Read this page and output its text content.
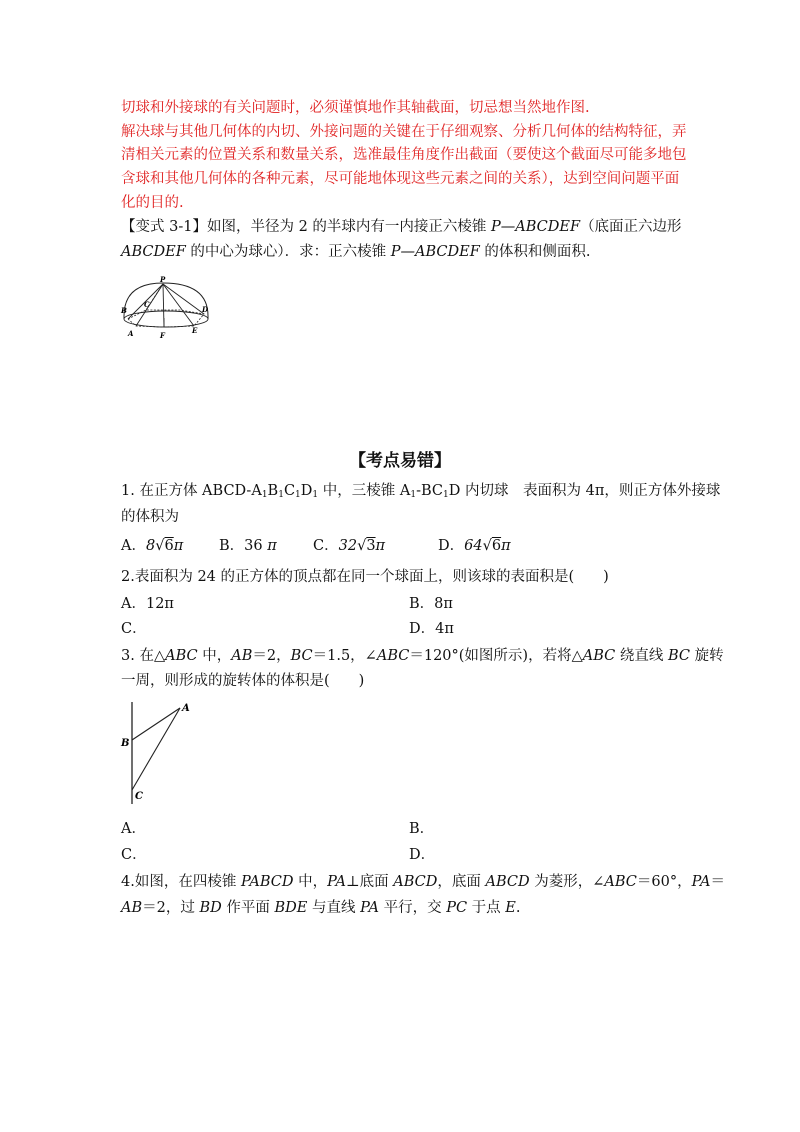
切球和外接球的有关问题时，必须谨慎地作其轴截面，切忌想当然地作图.
解决球与其他几何体的内切、外接问题的关键在于仔细观察、分析几何体的结构特征，弄
清相关元素的位置关系和数量关系，选准最佳角度作出截面（要使这个截面尽可能多地包
含球和其他几何体的各种元素，尽可能地体现这些元素之间的关系），达到空间问题平面
化的目的.
【变式 3-1】如图，半径为 2 的半球内有一内接正六棱锥 P—ABCDEF（底面正六边形
ABCDEF 的中心为球心）．求：正六棱锥 P—ABCDEF 的体积和侧面积.
P
C
B	D
A	F
E
【考点易错】
1. 在正方体 ABCD-$A_1B_1C_1D_1$ 中，三棱锥 $A_1-BC_1D$ 内切球　表面积为 4π，则正方体外接球
的体积为
A．8√6π B．36 π	C．32√3π	D．64√6π
2.表面积为 24 的正方体的顶点都在同一个球面上，则该球的表面积是(　　)
A．12π	B．8π
C．	D．4π
3. 在△ABC 中，AB＝2，BC＝1.5，∠ABC＝120°(如图所示)，若将△ABC 绕直线 BC 旋转
一周，则形成的旋转体的体积是(　　)
A
B
C
A．	B．
C．	D．
4.如图，在四棱锥 PABCD 中，PA⊥底面 ABCD，底面 ABCD 为菱形，∠ABC＝60°，PA＝
AB＝2，过 BD 作平面 BDE 与直线 PA 平行，交 PC 于点 E.
